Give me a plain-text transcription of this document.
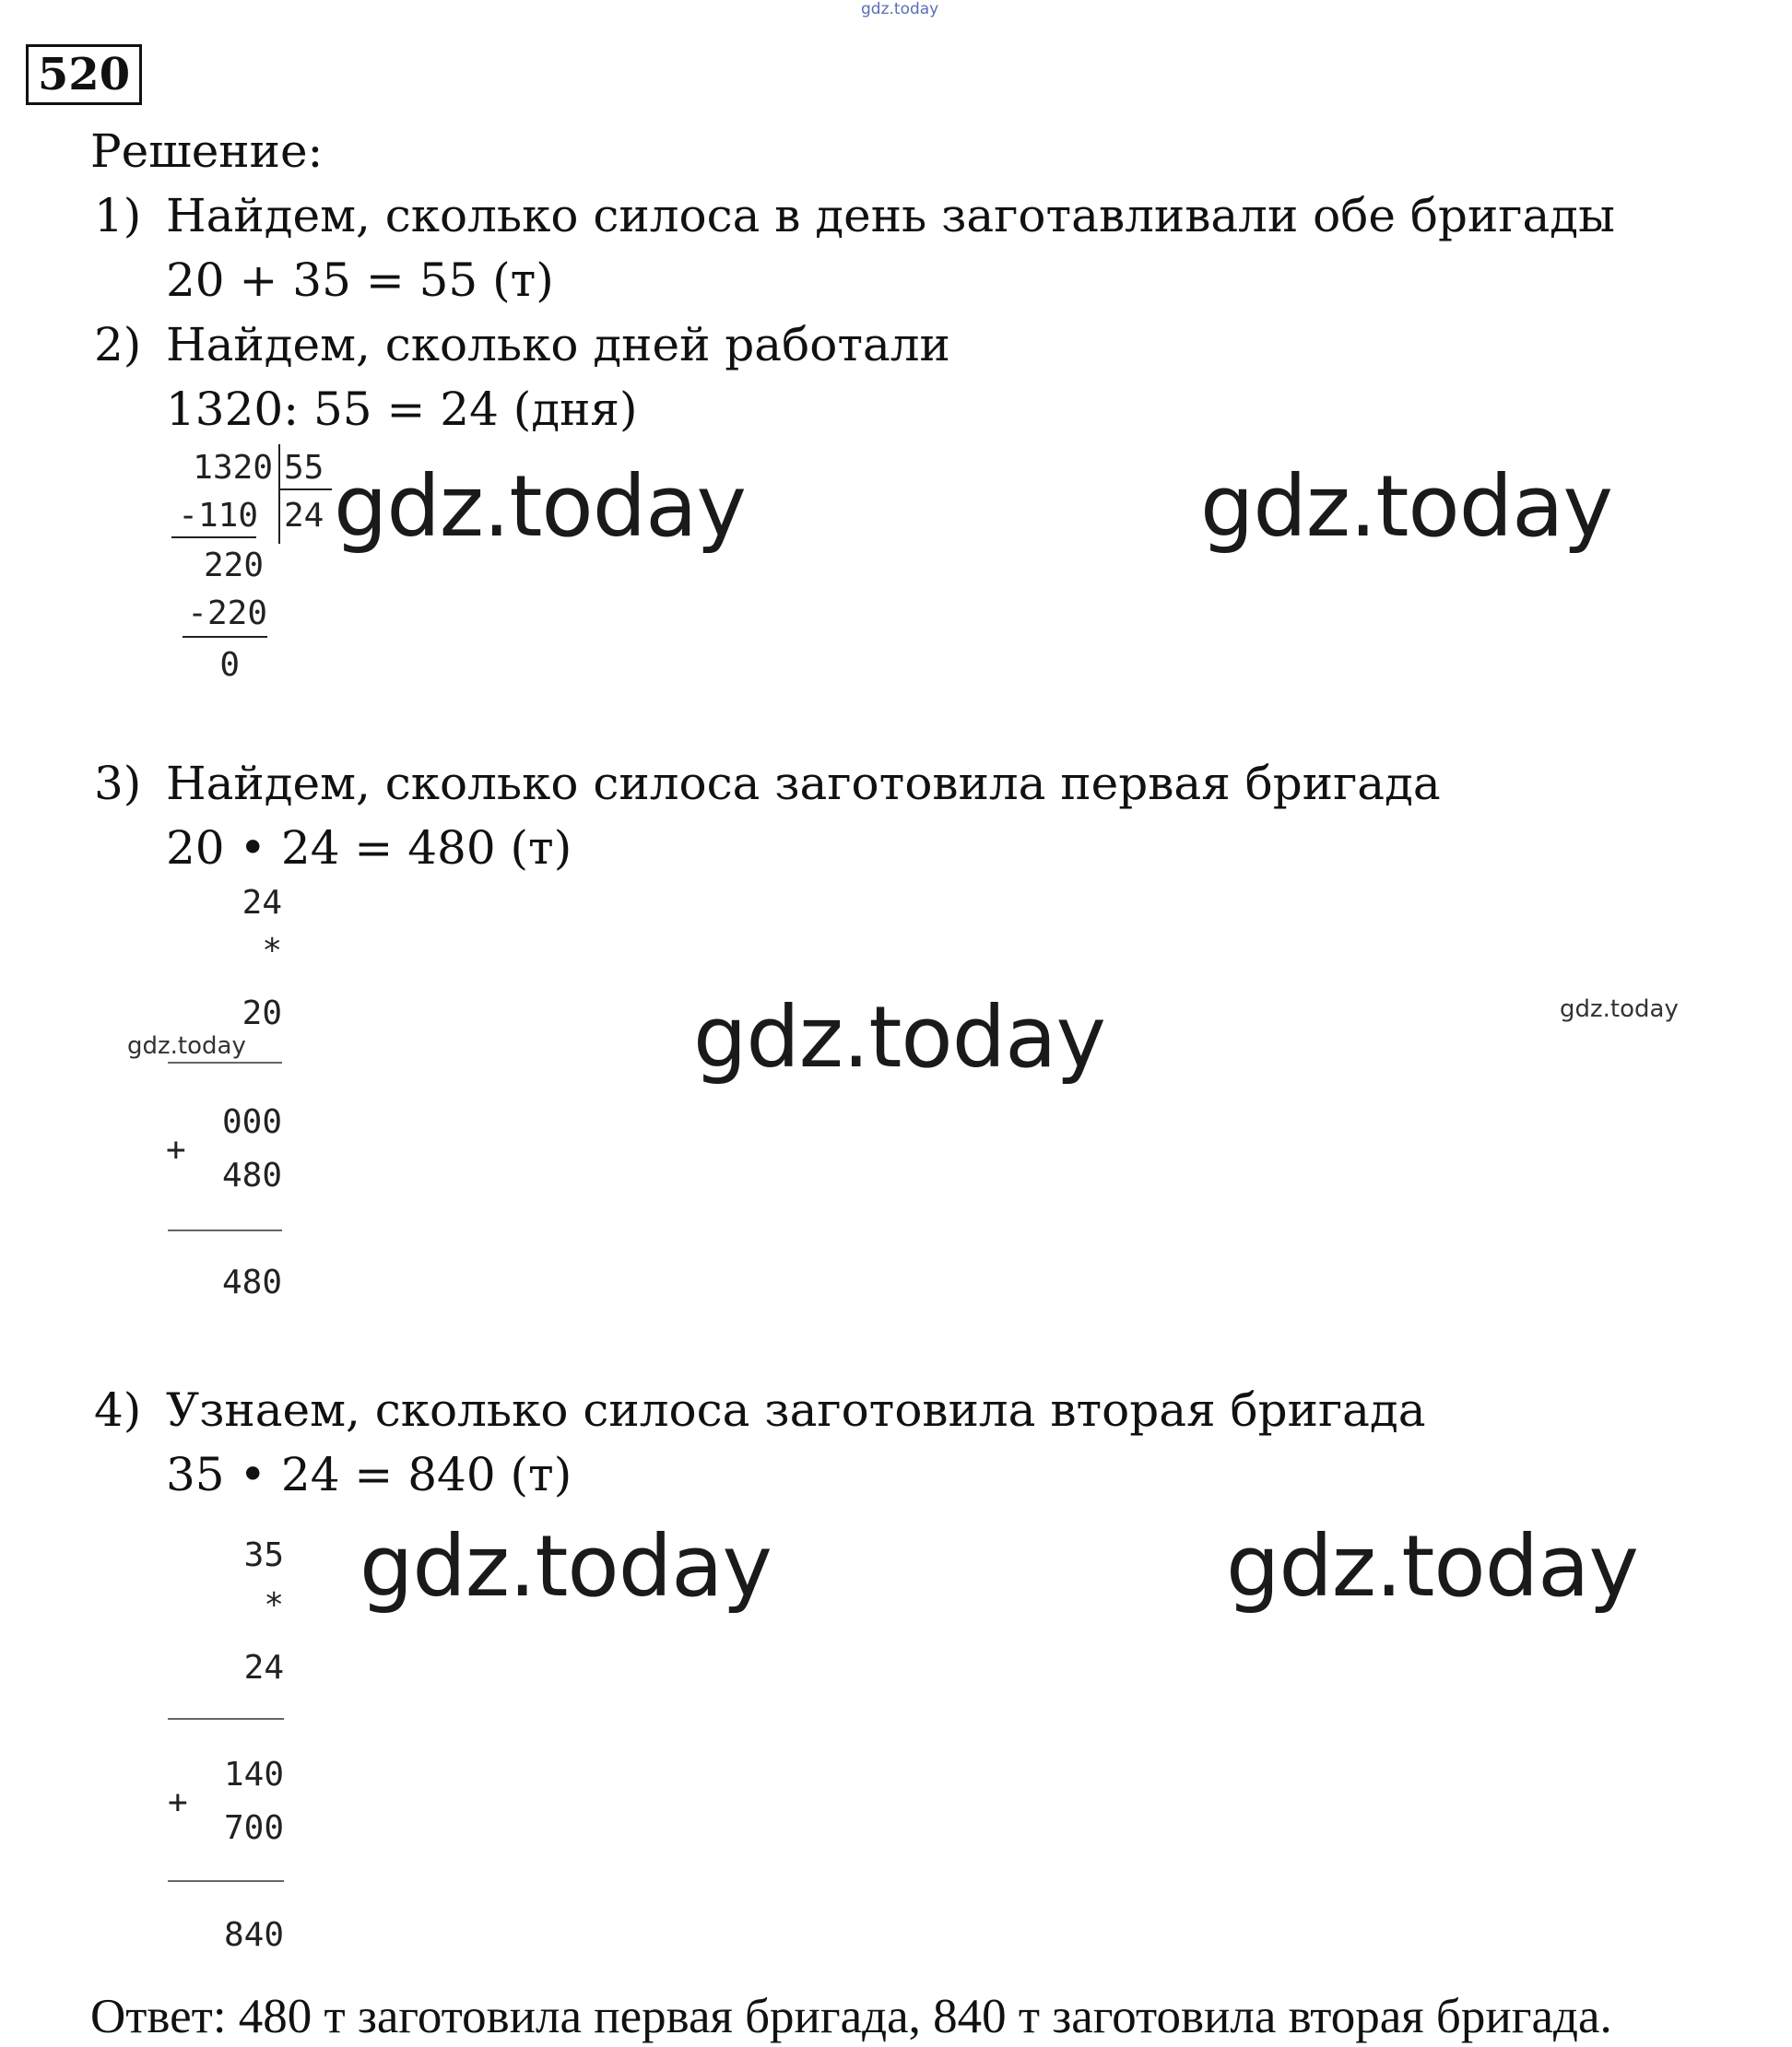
gdz.today
520
Решение:
1) Найдем, сколько силоса в день заготавливали обе бригады
20 + 35 = 55 (т)
2) Найдем, сколько дней работали
1320: 55 = 24 (дня)
1320 55
-110 24
220
-220
0
gdz.today	gdz.today
3) Найдем, сколько силоса заготовила первая бригада
20 • 24 = 480 (т)
24
*
20
000
+
480
480
gdz.today	gdz.today	gdz.today
4) Узнаем, сколько силоса заготовила вторая бригада
35 • 24 = 840 (т)
35
*
24
140
+
700
840
gdz.today	gdz.today
Ответ: 480 т заготовила первая бригада, 840 т заготовила вторая бригада.
